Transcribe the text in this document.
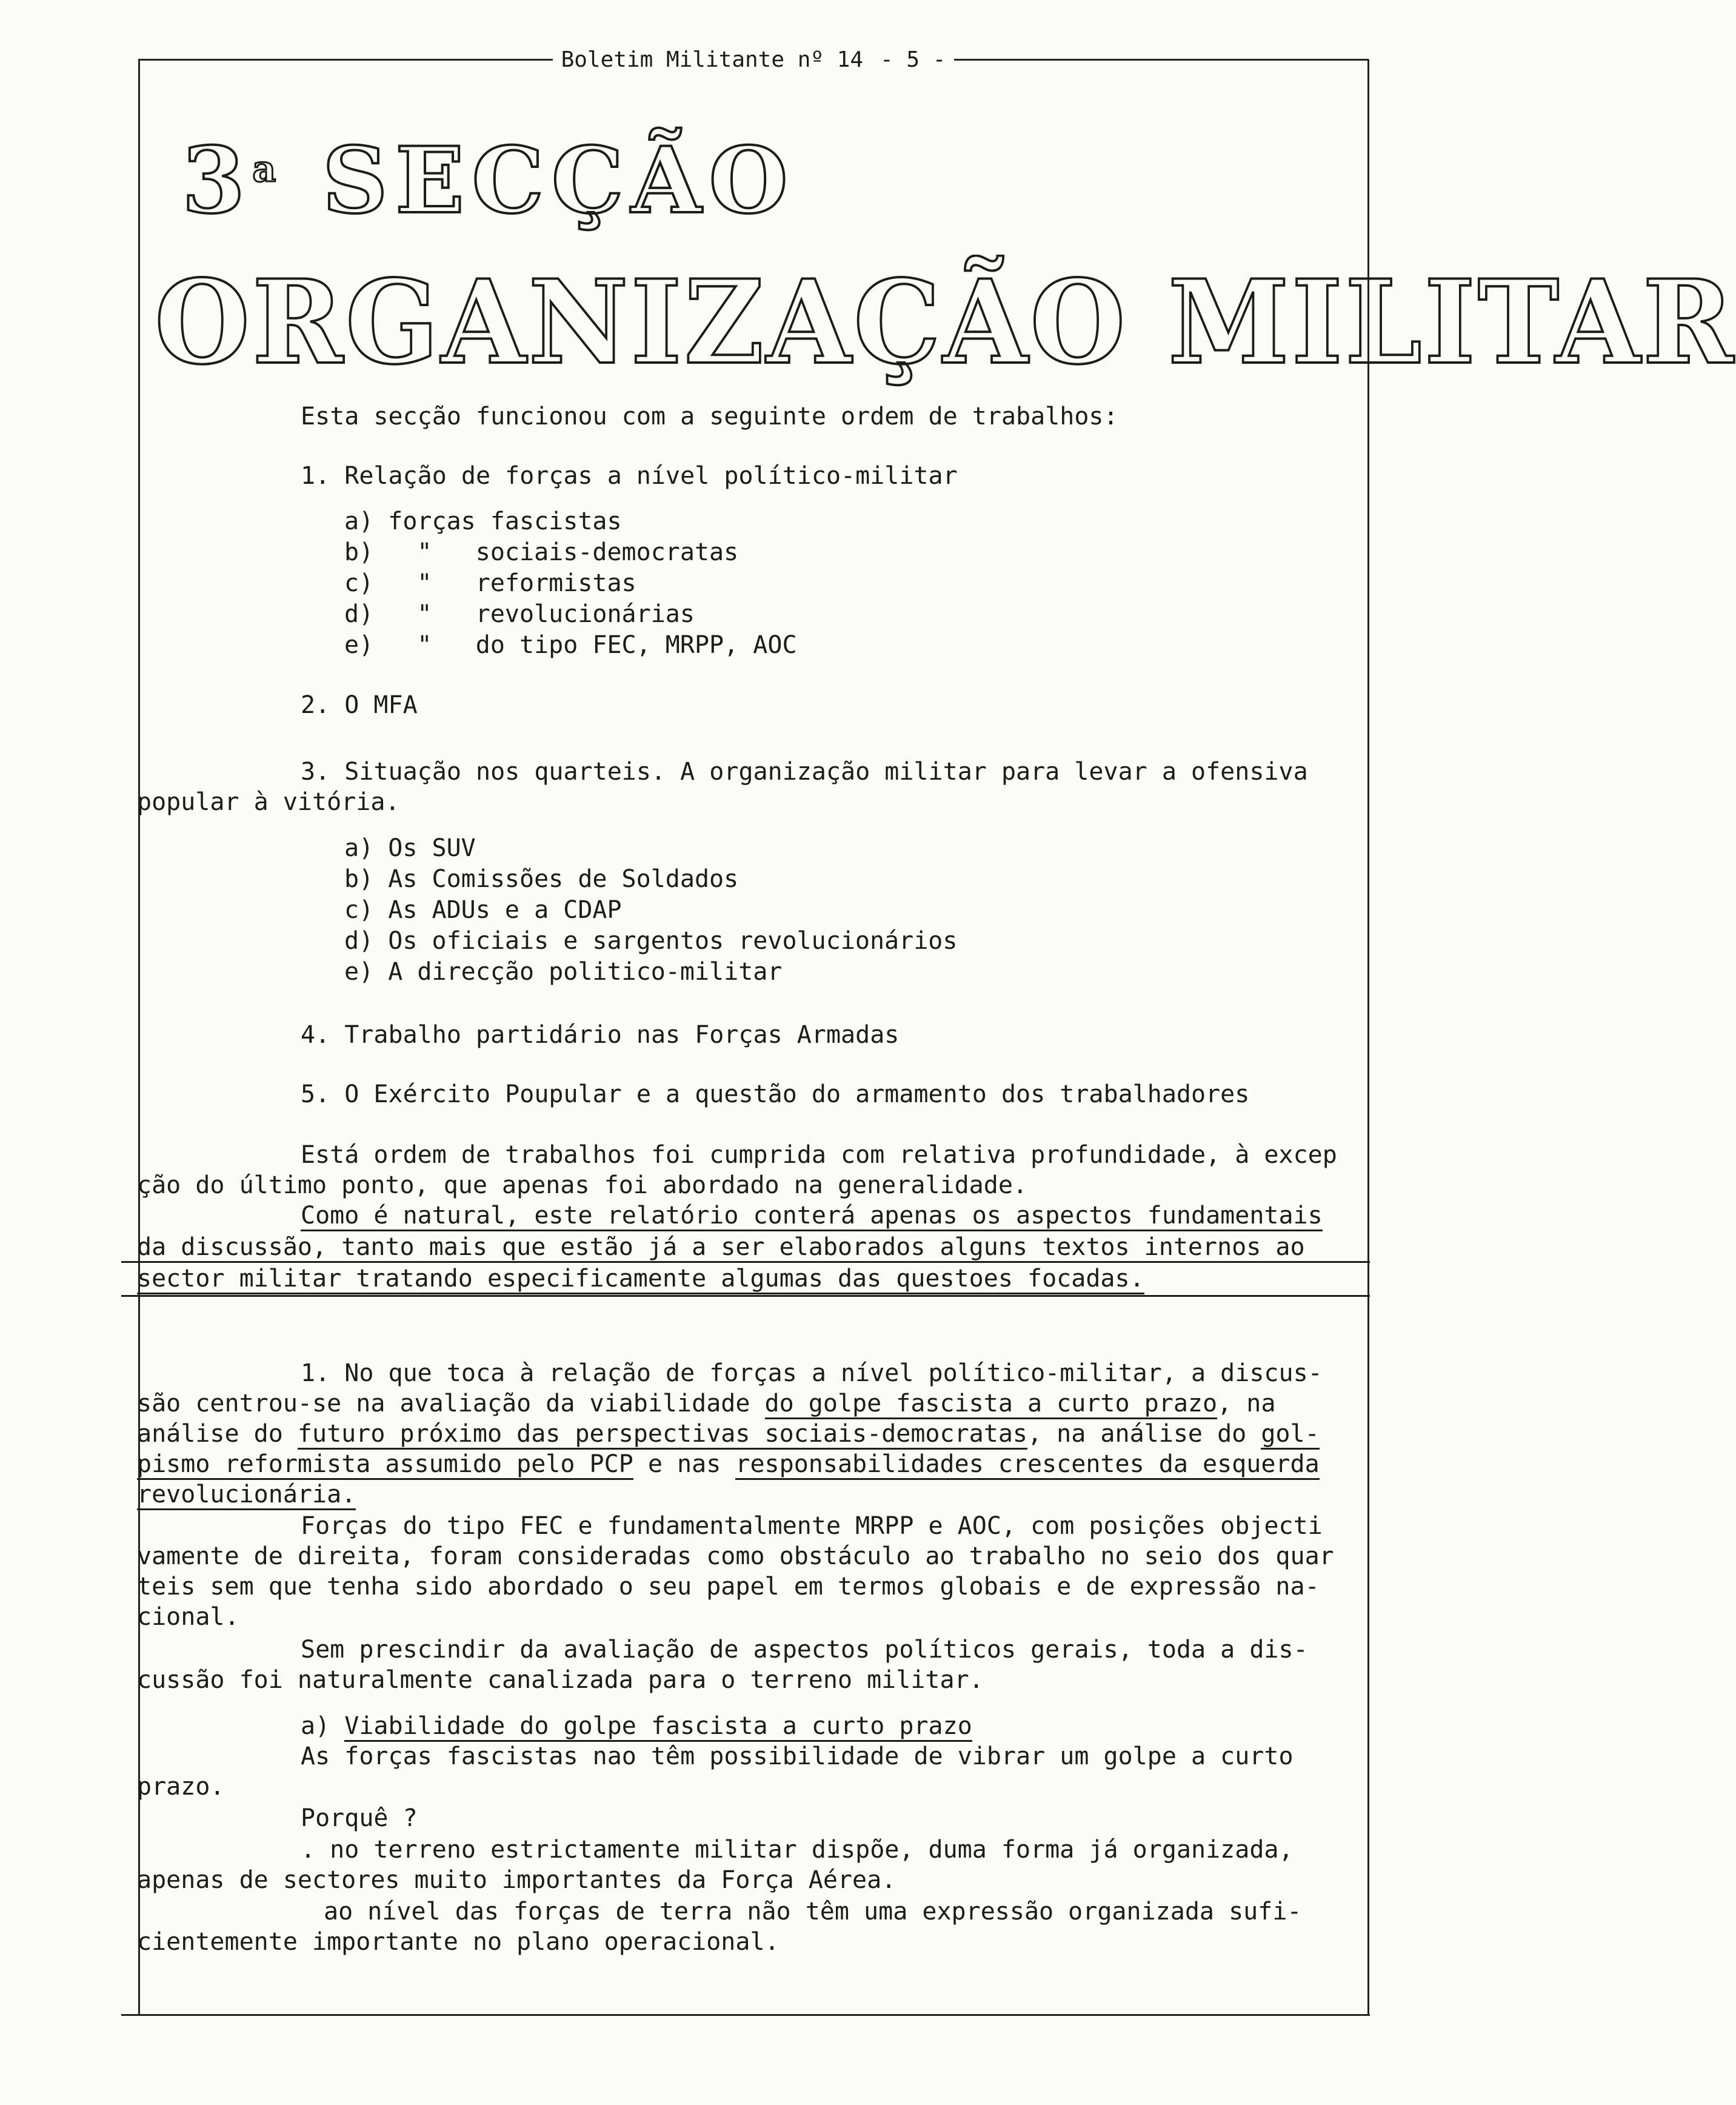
Boletim Militante nº 14 - 5 -
3$^a$ SECÇÃO
ORGANIZAÇÃO MILITAR
Esta secção funcionou com a seguinte ordem de trabalhos:
1. Relação de forças a nível político-militar
a) forças fascistas
b)   "   sociais-democratas
c)   "   reformistas
d)   "   revolucionárias
e)   "   do tipo FEC, MRPP, AOC
2. O MFA
3. Situação nos quarteis. A organização militar para levar a ofensiva
popular à vitória.
a) Os SUV
b) As Comissões de Soldados
c) As ADUs e a CDAP
d) Os oficiais e sargentos revolucionários
e) A direcção politico-militar
4. Trabalho partidário nas Forças Armadas
5. O Exército Poupular e a questão do armamento dos trabalhadores
Está ordem de trabalhos foi cumprida com relativa profundidade, à excep
ção do último ponto, que apenas foi abordado na generalidade.
Como é natural, este relatório conterá apenas os aspectos fundamentais
da discussão, tanto mais que estão já a ser elaborados alguns textos internos ao
sector militar tratando especificamente algumas das questoes focadas.
1. No que toca à relação de forças a nível político-militar, a discus-
são centrou-se na avaliação da viabilidade do golpe fascista a curto prazo, na
análise do futuro próximo das perspectivas sociais-democratas, na análise do gol-
pismo reformista assumido pelo PCP e nas responsabilidades crescentes da esquerda
revolucionária.
Forças do tipo FEC e fundamentalmente MRPP e AOC, com posições objecti
vamente de direita, foram consideradas como obstáculo ao trabalho no seio dos quar
teis sem que tenha sido abordado o seu papel em termos globais e de expressão na-
cional.
Sem prescindir da avaliação de aspectos políticos gerais, toda a dis-
cussão foi naturalmente canalizada para o terreno militar.
a) Viabilidade do golpe fascista a curto prazo
As forças fascistas nao têm possibilidade de vibrar um golpe a curto
prazo.
Porquê ?
. no terreno estrictamente militar dispõe, duma forma já organizada,
apenas de sectores muito importantes da Força Aérea.
ao nível das forças de terra não têm uma expressão organizada sufi-
cientemente importante no plano operacional.
